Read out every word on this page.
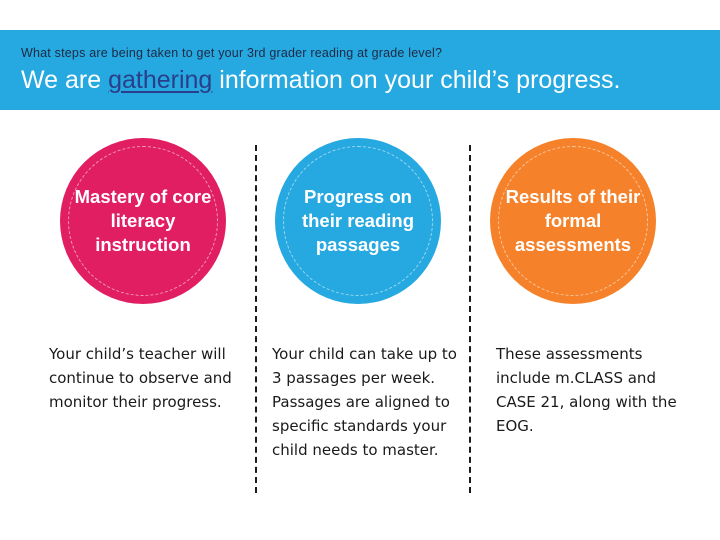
What steps are being taken to get your 3rd grader reading at grade level?
We are gathering information on your child’s progress.
Mastery of core literacy instruction
Progress on their reading passages
Results of their formal assessments
Your child’s teacher will continue to observe and monitor their progress.
Your child can take up to 3 passages per week. Passages are aligned to specific standards your child needs to master.
These assessments include m.CLASS and CASE 21, along with the EOG.
